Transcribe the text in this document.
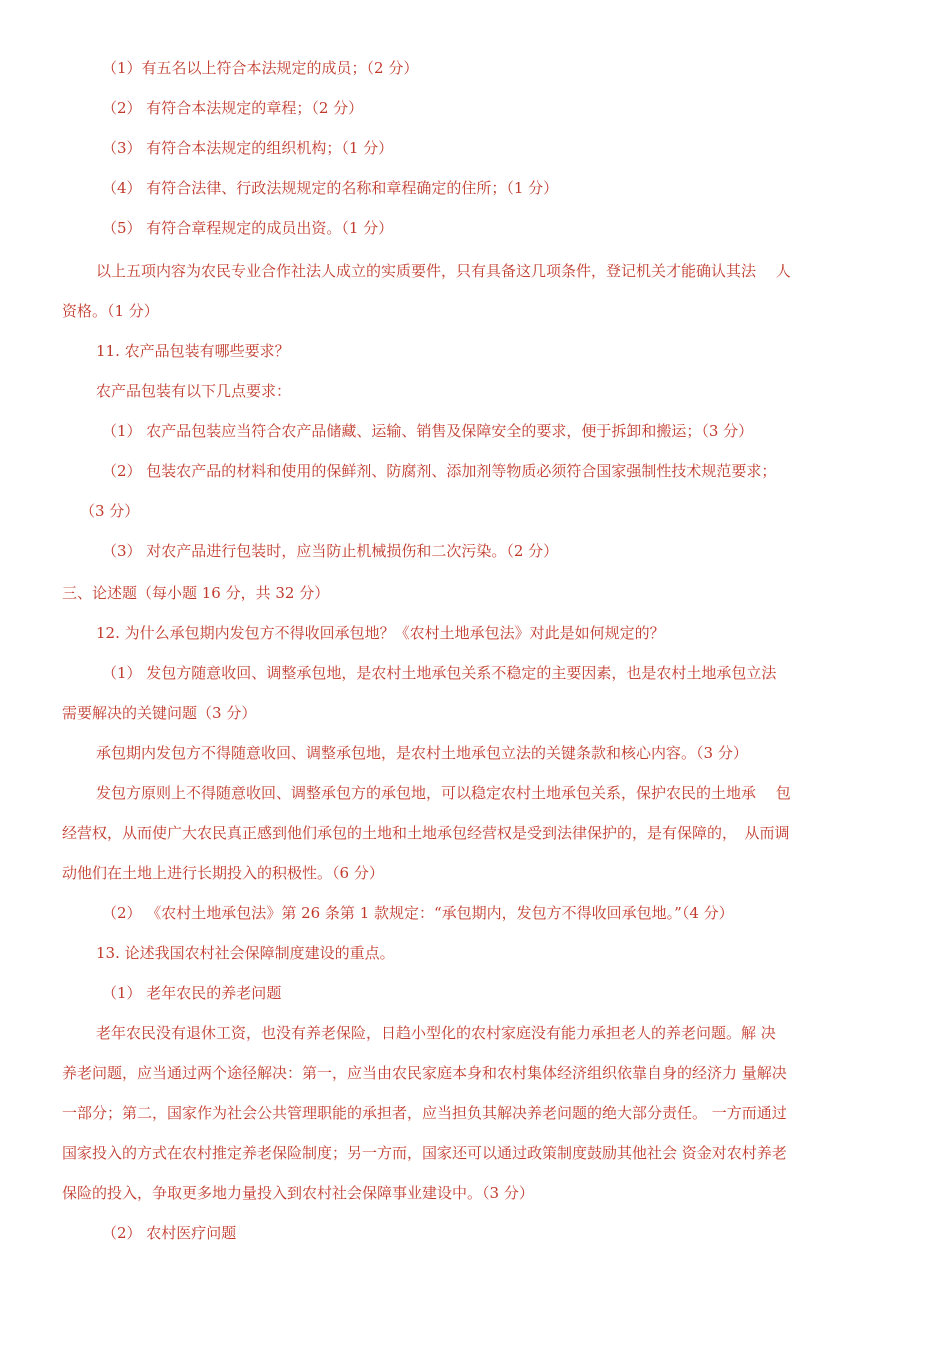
（1）有五名以上符合本法规定的成员；（2 分）
（2） 有符合本法规定的章程；（2 分）
（3） 有符合本法规定的组织机构；（1 分）
（4） 有符合法律、行政法规规定的名称和章程确定的住所；（1 分）
（5） 有符合章程规定的成员出资。（1 分）
以上五项内容为农民专业合作社法人成立的实质要件，只有具备这几项条件，登记机关才能确认其法　 人
资格。（1 分）
11. 农产品包装有哪些要求？
农产品包装有以下几点要求：
（1） 农产品包装应当符合农产品储藏、运输、销售及保障安全的要求，便于拆卸和搬运；（3 分）
（2） 包装农产品的材料和使用的保鲜剂、防腐剂、添加剂等物质必须符合国家强制性技术规范要求；
（3 分）
（3） 对农产品进行包装时，应当防止机械损伤和二次污染。（2 分）
三、论述题（每小题 16 分，共 32 分）
12. 为什么承包期内发包方不得收回承包地？《农村土地承包法》对此是如何规定的？
（1） 发包方随意收回、调整承包地，是农村土地承包关系不稳定的主要因素，也是农村土地承包立法
需要解决的关键问题（3 分）
承包期内发包方不得随意收回、调整承包地，是农村土地承包立法的关键条款和核心内容。（3 分）
发包方原则上不得随意收回、调整承包方的承包地，可以稳定农村土地承包关系，保护农民的土地承　 包
经营权，从而使广大农民真正感到他们承包的土地和土地承包经营权是受到法律保护的，是有保障的，　从而调
动他们在土地上进行长期投入的积极性。（6 分）
（2） 《农村土地承包法》第 26 条第 1 款规定：“承包期内，发包方不得收回承包地。”（4 分）
13. 论述我国农村社会保障制度建设的重点。
（1） 老年农民的养老问题
老年农民没有退休工资，也没有养老保险，日趋小型化的农村家庭没有能力承担老人的养老问题。解 决
养老问题，应当通过两个途径解决：第一，应当由农民家庭本身和农村集体经济组织依靠自身的经济力 量解决
一部分；第二，国家作为社会公共管理职能的承担者，应当担负其解决养老问题的绝大部分责任。 一方而通过
国家投入的方式在农村推定养老保险制度；另一方而，国家还可以通过政策制度鼓励其他社会 资金对农村养老
保险的投入，争取更多地力量投入到农村社会保障事业建设中。（3 分）
（2） 农村医疗问题
